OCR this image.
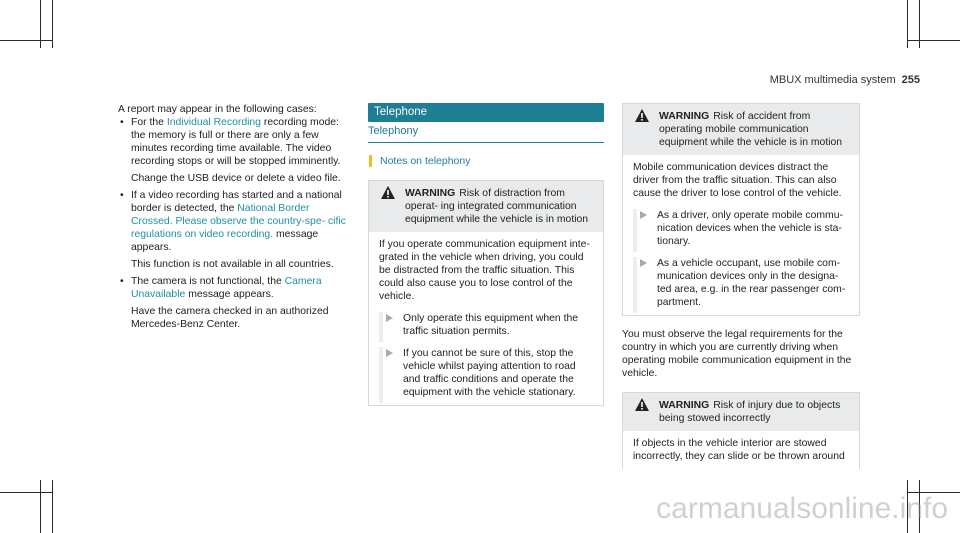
MBUX multimedia system 255

A report may appear in the following cases:

• For the Individual Recording recording mode: the memory is full or there are only a few minutes recording time available. The video recording stops or will be stopped imminently.

Change the USB device or delete a video file.

• If a video recording has started and a national border is detected, the National Border Crossed. Please observe the country-spe- cific regulations on video recording. message appears.

This function is not available in all countries.

• The camera is not functional, the Camera Unavailable message appears.

Have the camera checked in an authorized Mercedes-Benz Center.

Telephone
Telephony
Notes on telephony
WARNING Risk of distraction from operat- ing integrated communication equipment while the vehicle is in motion

If you operate communication equipment inte- grated in the vehicle when driving, you could be distracted from the traffic situation. This could also cause you to lose control of the vehicle.

Only operate this equipment when the traffic situation permits.
If you cannot be sure of this, stop the vehicle whilst paying attention to road and traffic conditions and operate the equipment with the vehicle stationary.
WARNING Risk of accident from operating mobile communication equipment while the vehicle is in motion

Mobile communication devices distract the driver from the traffic situation. This can also cause the driver to lose control of the vehicle.

As a driver, only operate mobile commu- nication devices when the vehicle is sta- tionary.
As a vehicle occupant, use mobile com- munication devices only in the designa- ted area, e.g. in the rear passenger com- partment.

You must observe the legal requirements for the country in which you are currently driving when operating mobile communication equipment in the vehicle.

WARNING Risk of injury due to objects being stowed incorrectly

If objects in the vehicle interior are stowed incorrectly, they can slide or be thrown around

carmanualsonline.info
